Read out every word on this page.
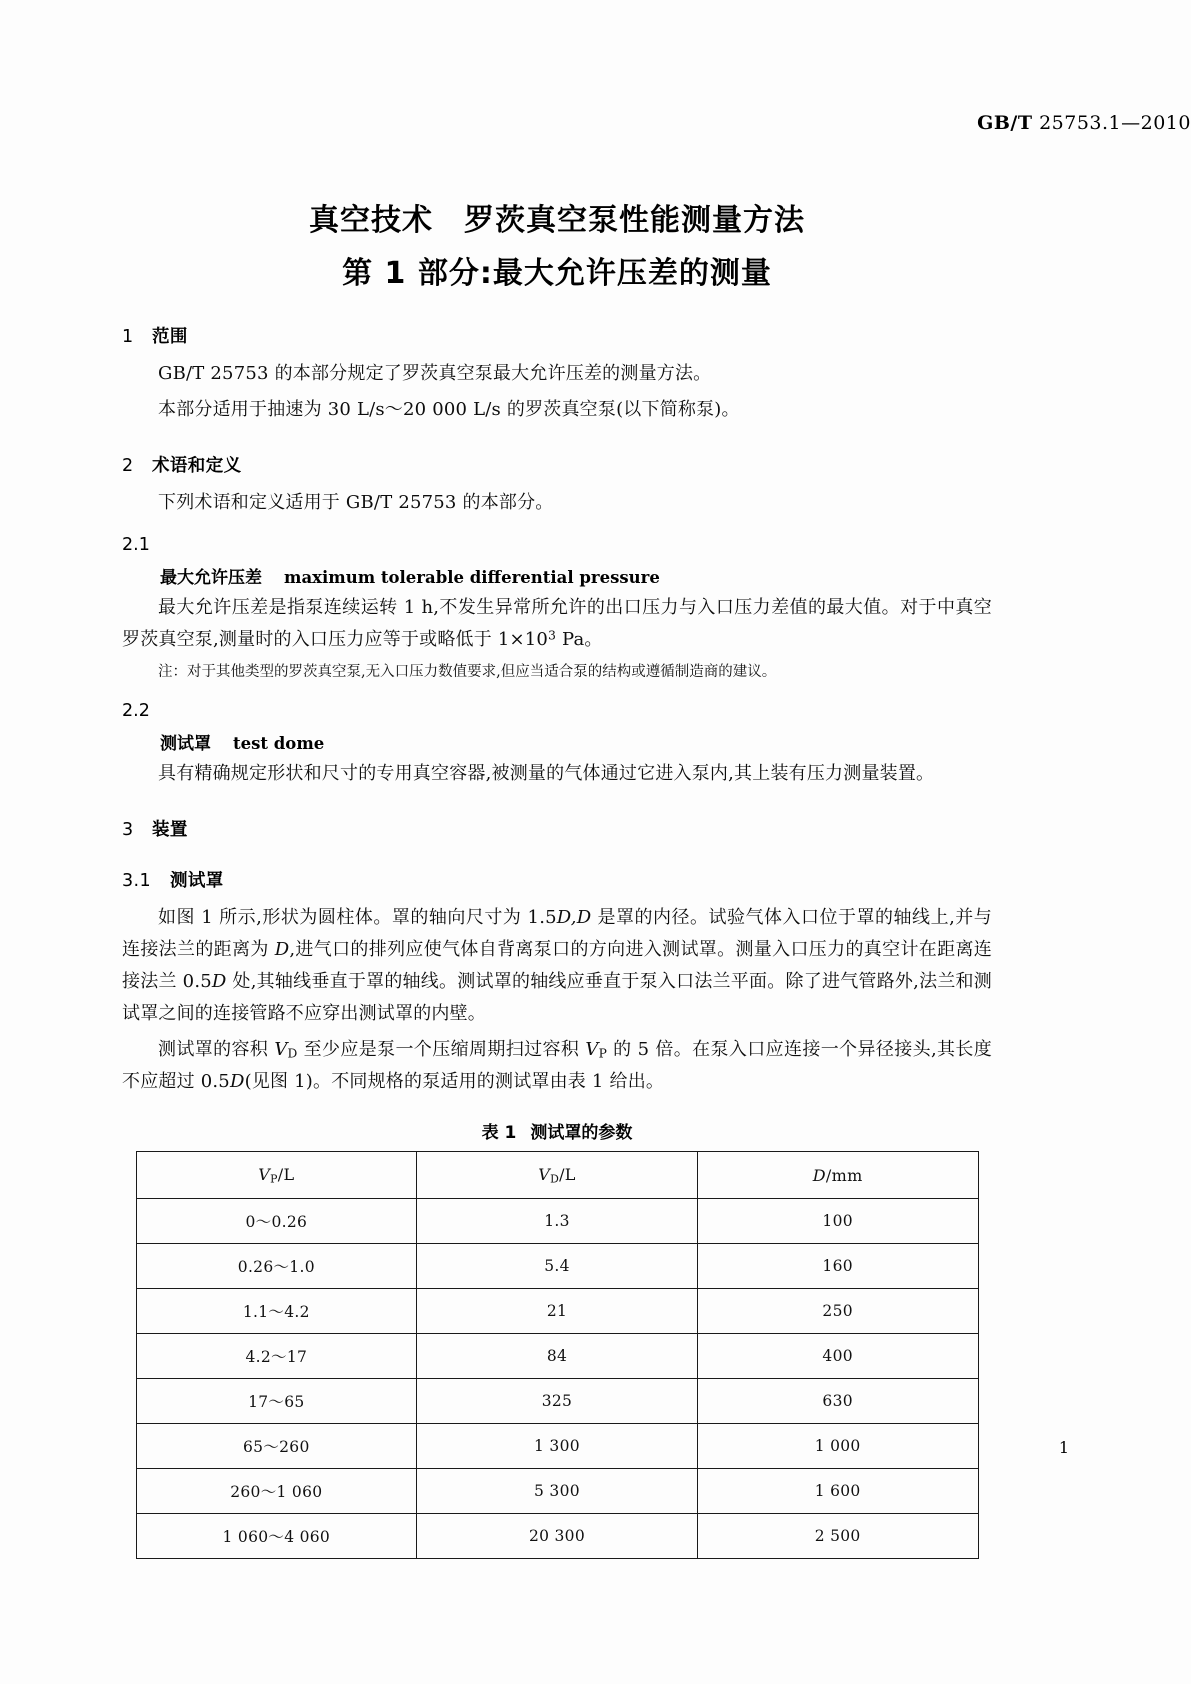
GB/T 25753.1—2010
真空技术　罗茨真空泵性能测量方法
第 1 部分:最大允许压差的测量
1 范围

GB/T 25753 的本部分规定了罗茨真空泵最大允许压差的测量方法。

本部分适用于抽速为 30 L/s～20 000 L/s 的罗茨真空泵(以下简称泵)。

2 术语和定义

下列术语和定义适用于 GB/T 25753 的本部分。

2.1
最大允许压差 maximum tolerable differential pressure

最大允许压差是指泵连续运转 1 h,不发生异常所允许的出口压力与入口压力差值的最大值。对于中真空罗茨真空泵,测量时的入口压力应等于或略低于 $1\times 10^3$ Pa。

注：对于其他类型的罗茨真空泵,无入口压力数值要求,但应当适合泵的结构或遵循制造商的建议。

2.2
测试罩 test dome

具有精确规定形状和尺寸的专用真空容器,被测量的气体通过它进入泵内,其上装有压力测量装置。

3 装置
3.1 测试罩

如图 1 所示,形状为圆柱体。罩的轴向尺寸为 1.5D,D 是罩的内径。试验气体入口位于罩的轴线上,并与连接法兰的距离为 D,进气口的排列应使气体自背离泵口的方向进入测试罩。测量入口压力的真空计在距离连接法兰 0.5D 处,其轴线垂直于罩的轴线。测试罩的轴线应垂直于泵入口法兰平面。除了进气管路外,法兰和测试罩之间的连接管路不应穿出测试罩的内壁。

测试罩的容积 $V_D$ 至少应是泵一个压缩周期扫过容积 $V_P$ 的 5 倍。在泵入口应连接一个异径接头,其长度不应超过 0.5D(见图 1)。不同规格的泵适用的测试罩由表 1 给出。

表 1 测试罩的参数
$V_P/L$	$V_D/L$	D/mm
0～0.26	1.3	100
0.26～1.0	5.4	160
1.1～4.2	21	250
4.2～17	84	400
17～65	325	630
65～260	1 300	1 000
260～1 060	5 300	1 600
1 060～4 060	20 300	2 500
1
